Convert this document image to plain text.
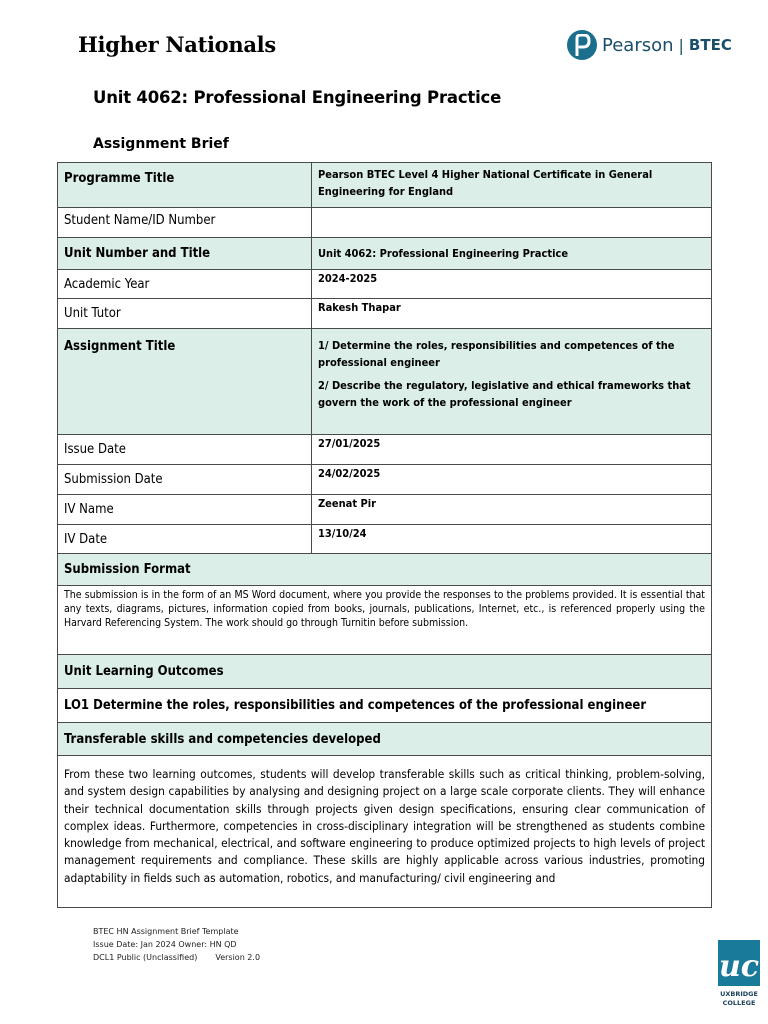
Higher Nationals	Pearson | BTEC
Unit 4062: Professional Engineering Practice
Assignment Brief
Programme Title	Pearson BTEC Level 4 Higher National Certificate in General Engineering for England
Student Name/ID Number	
Unit Number and Title	Unit 4062: Professional Engineering Practice
Academic Year	2024-2025
Unit Tutor	Rakesh Thapar
Assignment Title	1/ Determine the roles, responsibilities and competences of the professional engineer
2/ Describe the regulatory, legislative and ethical frameworks that govern the work of the professional engineer

Issue Date	27/01/2025
Submission Date	24/02/2025
IV Name	Zeenat Pir
IV Date	13/10/24
Submission Format	
The submission is in the form of an MS Word document, where you provide the responses to the problems provided. It is essential that any texts, diagrams, pictures, information copied from books, journals, publications, Internet, etc., is referenced properly using the Harvard Referencing System. The work should go through Turnitin before submission.	
Unit Learning Outcomes	
LO1 Determine the roles, responsibilities and competences of the professional engineer	
Transferable skills and competencies developed	
From these two learning outcomes, students will develop transferable skills such as critical thinking, problem-solving, and system design capabilities by analysing and designing project on a large scale corporate clients. They will enhance their technical documentation skills through projects given design specifications, ensuring clear communication of complex ideas. Furthermore, competencies in cross-disciplinary integration will be strengthened as students combine knowledge from mechanical, electrical, and software engineering to produce optimized projects to high levels of project management requirements and compliance. These skills are highly applicable across various industries, promoting adaptability in fields such as automation, robotics, and manufacturing/ civil engineering and	
BTEC HN Assignment Brief Template
Issue Date: Jan 2024 Owner: HN QD
DCL1 Public (Unclassified) Version 2.0	uc
UXBRIDGE
COLLEGE
